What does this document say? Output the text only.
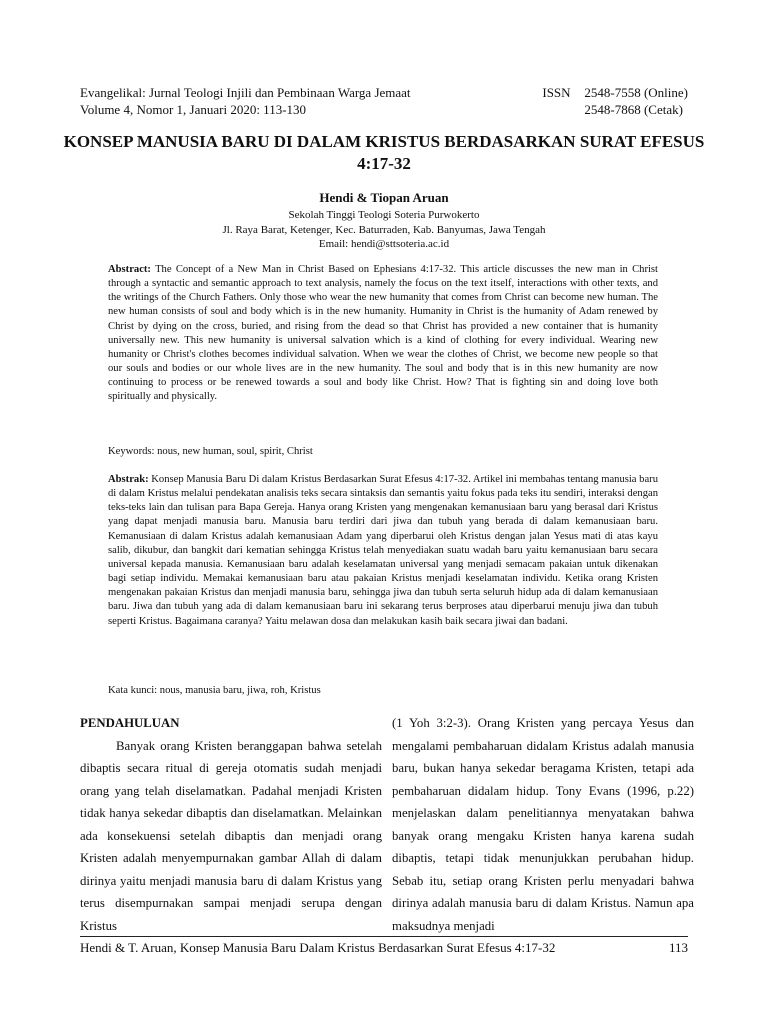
Evangelikal: Jurnal Teologi Injili dan Pembinaan Warga Jemaat
Volume 4, Nomor 1, Januari 2020: 113-130
ISSN	2548-7558 (Online)
2548-7868 (Cetak)
KONSEP MANUSIA BARU DI DALAM KRISTUS BERDASARKAN SURAT EFESUS 4:17-32
Hendi & Tiopan Aruan
Sekolah Tinggi Teologi Soteria Purwokerto
Jl. Raya Barat, Ketenger, Kec. Baturraden, Kab. Banyumas, Jawa Tengah
Email: hendi@sttsoteria.ac.id
Abstract: The Concept of a New Man in Christ Based on Ephesians 4:17-32. This article discusses the new man in Christ through a syntactic and semantic approach to text analysis, namely the focus on the text itself, interactions with other texts, and the writings of the Church Fathers. Only those who wear the new humanity that comes from Christ can become new human. The new human consists of soul and body which is in the new humanity. Humanity in Christ is the humanity of Adam renewed by Christ by dying on the cross, buried, and rising from the dead so that Christ has provided a new container that is humanity universally new. This new humanity is universal salvation which is a kind of clothing for every individual. Wearing new humanity or Christ's clothes becomes individual salvation. When we wear the clothes of Christ, we become new people so that our souls and bodies or our whole lives are in the new humanity. The soul and body that is in this new humanity are now continuing to process or be renewed towards a soul and body like Christ. How? That is fighting sin and doing love both spiritually and physically.
Keywords: nous, new human, soul, spirit, Christ
Abstrak: Konsep Manusia Baru Di dalam Kristus Berdasarkan Surat Efesus 4:17-32. Artikel ini membahas tentang manusia baru di dalam Kristus melalui pendekatan analisis teks secara sintaksis dan semantis yaitu fokus pada teks itu sendiri, interaksi dengan teks-teks lain dan tulisan para Bapa Gereja. Hanya orang Kristen yang mengenakan kemanusiaan baru yang berasal dari Kristus yang dapat menjadi manusia baru. Manusia baru terdiri dari jiwa dan tubuh yang berada di dalam kemanusiaan baru. Kemanusiaan di dalam Kristus adalah kemanusiaan Adam yang diperbarui oleh Kristus dengan jalan Yesus mati di atas kayu salib, dikubur, dan bangkit dari kematian sehingga Kristus telah menyediakan suatu wadah baru yaitu kemanusiaan baru secara universal kepada manusia. Kemanusiaan baru adalah keselamatan universal yang menjadi semacam pakaian untuk dikenakan bagi setiap individu. Memakai kemanusiaan baru atau pakaian Kristus menjadi keselamatan individu. Ketika orang Kristen mengenakan pakaian Kristus dan menjadi manusia baru, sehingga jiwa dan tubuh serta seluruh hidup ada di dalam kemanusiaan baru. Jiwa dan tubuh yang ada di dalam kemanusiaan baru ini sekarang terus berproses atau diperbarui menuju jiwa dan tubuh seperti Kristus. Bagaimana caranya? Yaitu melawan dosa dan melakukan kasih baik secara jiwai dan badani.
Kata kunci: nous, manusia baru, jiwa, roh, Kristus
PENDAHULUAN

Banyak orang Kristen beranggapan bahwa setelah dibaptis secara ritual di gereja otomatis sudah menjadi orang yang telah diselamatkan. Padahal menjadi Kristen tidak hanya sekedar dibaptis dan diselamatkan. Melainkan ada konsekuensi setelah dibaptis dan menjadi orang Kristen adalah menyempurnakan gambar Allah di dalam dirinya yaitu menjadi manusia baru di dalam Kristus yang terus disempurnakan sampai menjadi serupa dengan Kristus

(1 Yoh 3:2-3). Orang Kristen yang percaya Yesus dan mengalami pembaharuan didalam Kristus adalah manusia baru, bukan hanya sekedar beragama Kristen, tetapi ada pembaharuan didalam hidup. Tony Evans (1996, p.22) menjelaskan dalam penelitiannya menyatakan bahwa banyak orang mengaku Kristen hanya karena sudah dibaptis, tetapi tidak menunjukkan perubahan hidup. Sebab itu, setiap orang Kristen perlu menyadari bahwa dirinya adalah manusia baru di dalam Kristus. Namun apa maksudnya menjadi

Hendi & T. Aruan, Konsep Manusia Baru Dalam Kristus Berdasarkan Surat Efesus 4:17-32	113
